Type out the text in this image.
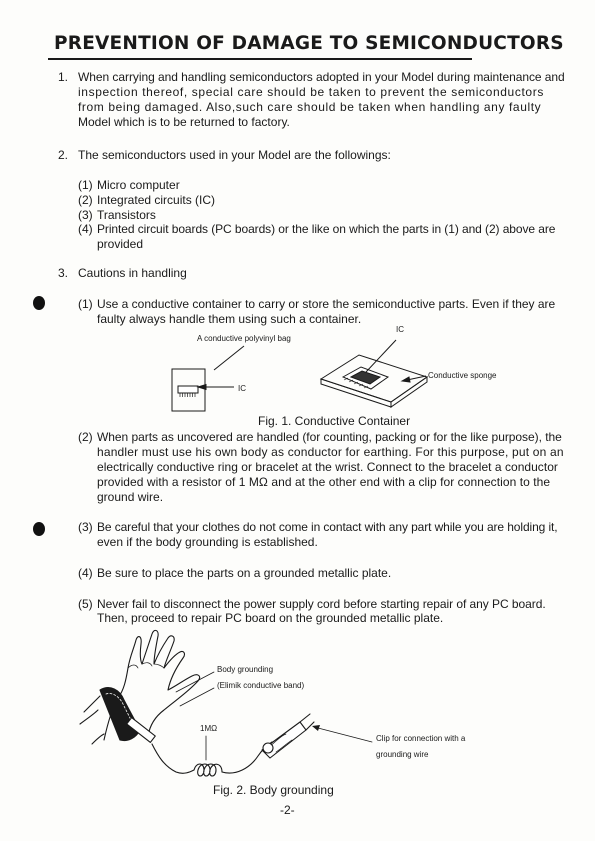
PREVENTION OF DAMAGE TO SEMICONDUCTORS
1. When carrying and handling semiconductors adopted in your Model during maintenance and
inspection thereof, special care should be taken to prevent the semiconductors
from being damaged. Also,such care should be taken when handling any faulty
Model which is to be returned to factory.
2. The semiconductors used in your Model are the followings:
(1) Micro computer
(2) Integrated circuits (IC)
(3) Transistors
(4) Printed circuit boards (PC boards) or the like on which the parts in (1) and (2) above are
provided
3. Cautions in handling
(1) Use a conductive container to carry or store the semiconductive parts. Even if they are
faulty always handle them using such a container.
A conductive polyvinyl bag
IC
IC
Conductive sponge
Fig. 1. Conductive Container
(2) When parts as uncovered are handled (for counting, packing or for the like purpose), the
handler must use his own body as conductor for earthing. For this purpose, put on an
electrically conductive ring or bracelet at the wrist. Connect to the bracelet a conductor
provided with a resistor of 1 MΩ and at the other end with a clip for connection to the
ground wire.
(3) Be careful that your clothes do not come in contact with any part while you are holding it,
even if the body grounding is established.
(4) Be sure to place the parts on a grounded metallic plate.
(5) Never fail to disconnect the power supply cord before starting repair of any PC board.
Then, proceed to repair PC board on the grounded metallic plate.
Body grounding
(Elimik conductive band)
1MΩ
Clip for connection with a
grounding wire
Fig. 2. Body grounding
-2-
